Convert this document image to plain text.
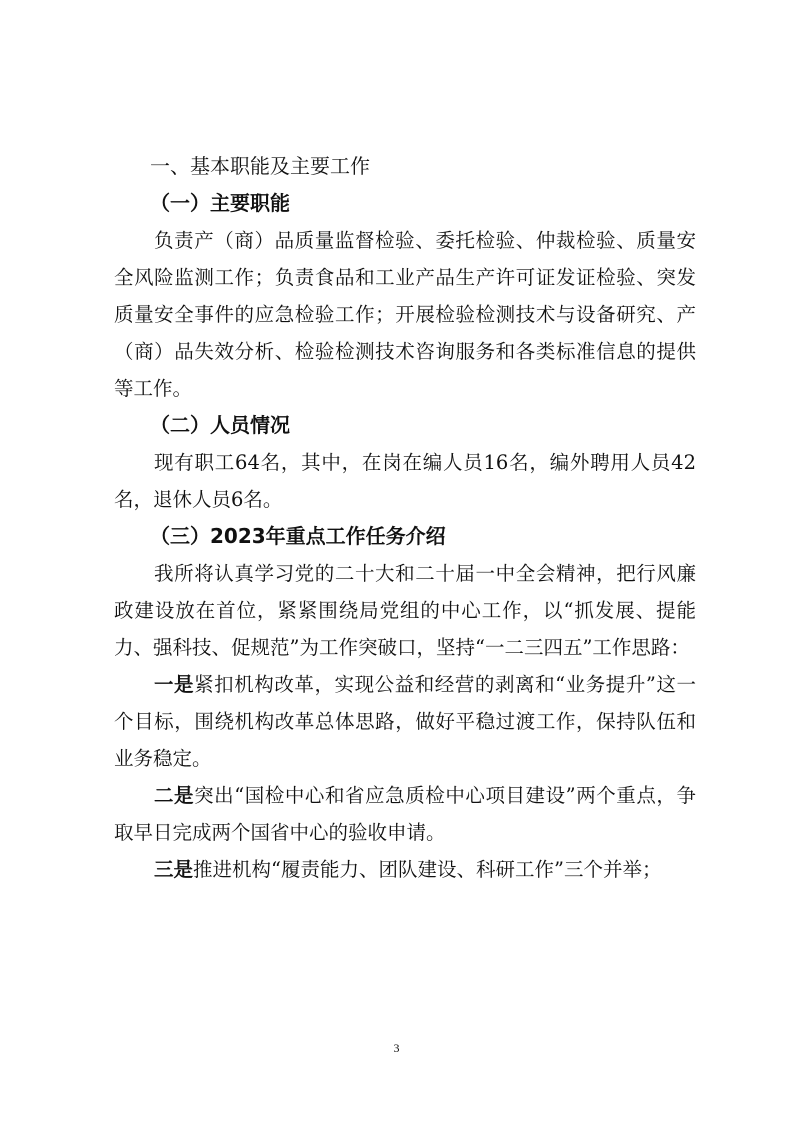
一、基本职能及主要工作

（一）主要职能

负责产（商）品质量监督检验、委托检验、仲裁检验、质量安全风险监测工作；负责食品和工业产品生产许可证发证检验、突发质量安全事件的应急检验工作；开展检验检测技术与设备研究、产（商）品失效分析、检验检测技术咨询服务和各类标准信息的提供等工作。

（二）人员情况

现有职工64名，其中，在岗在编人员16名，编外聘用人员42名，退休人员6名。

（三）2023年重点工作任务介绍

我所将认真学习党的二十大和二十届一中全会精神，把行风廉政建设放在首位，紧紧围绕局党组的中心工作，以“抓发展、提能力、强科技、促规范”为工作突破口，坚持“一二三四五”工作思路：

一是紧扣机构改革，实现公益和经营的剥离和“业务提升”这一个目标，围绕机构改革总体思路，做好平稳过渡工作，保持队伍和业务稳定。

二是突出“国检中心和省应急质检中心项目建设”两个重点，争取早日完成两个国省中心的验收申请。

三是推进机构“履责能力、团队建设、科研工作”三个并举；

3
